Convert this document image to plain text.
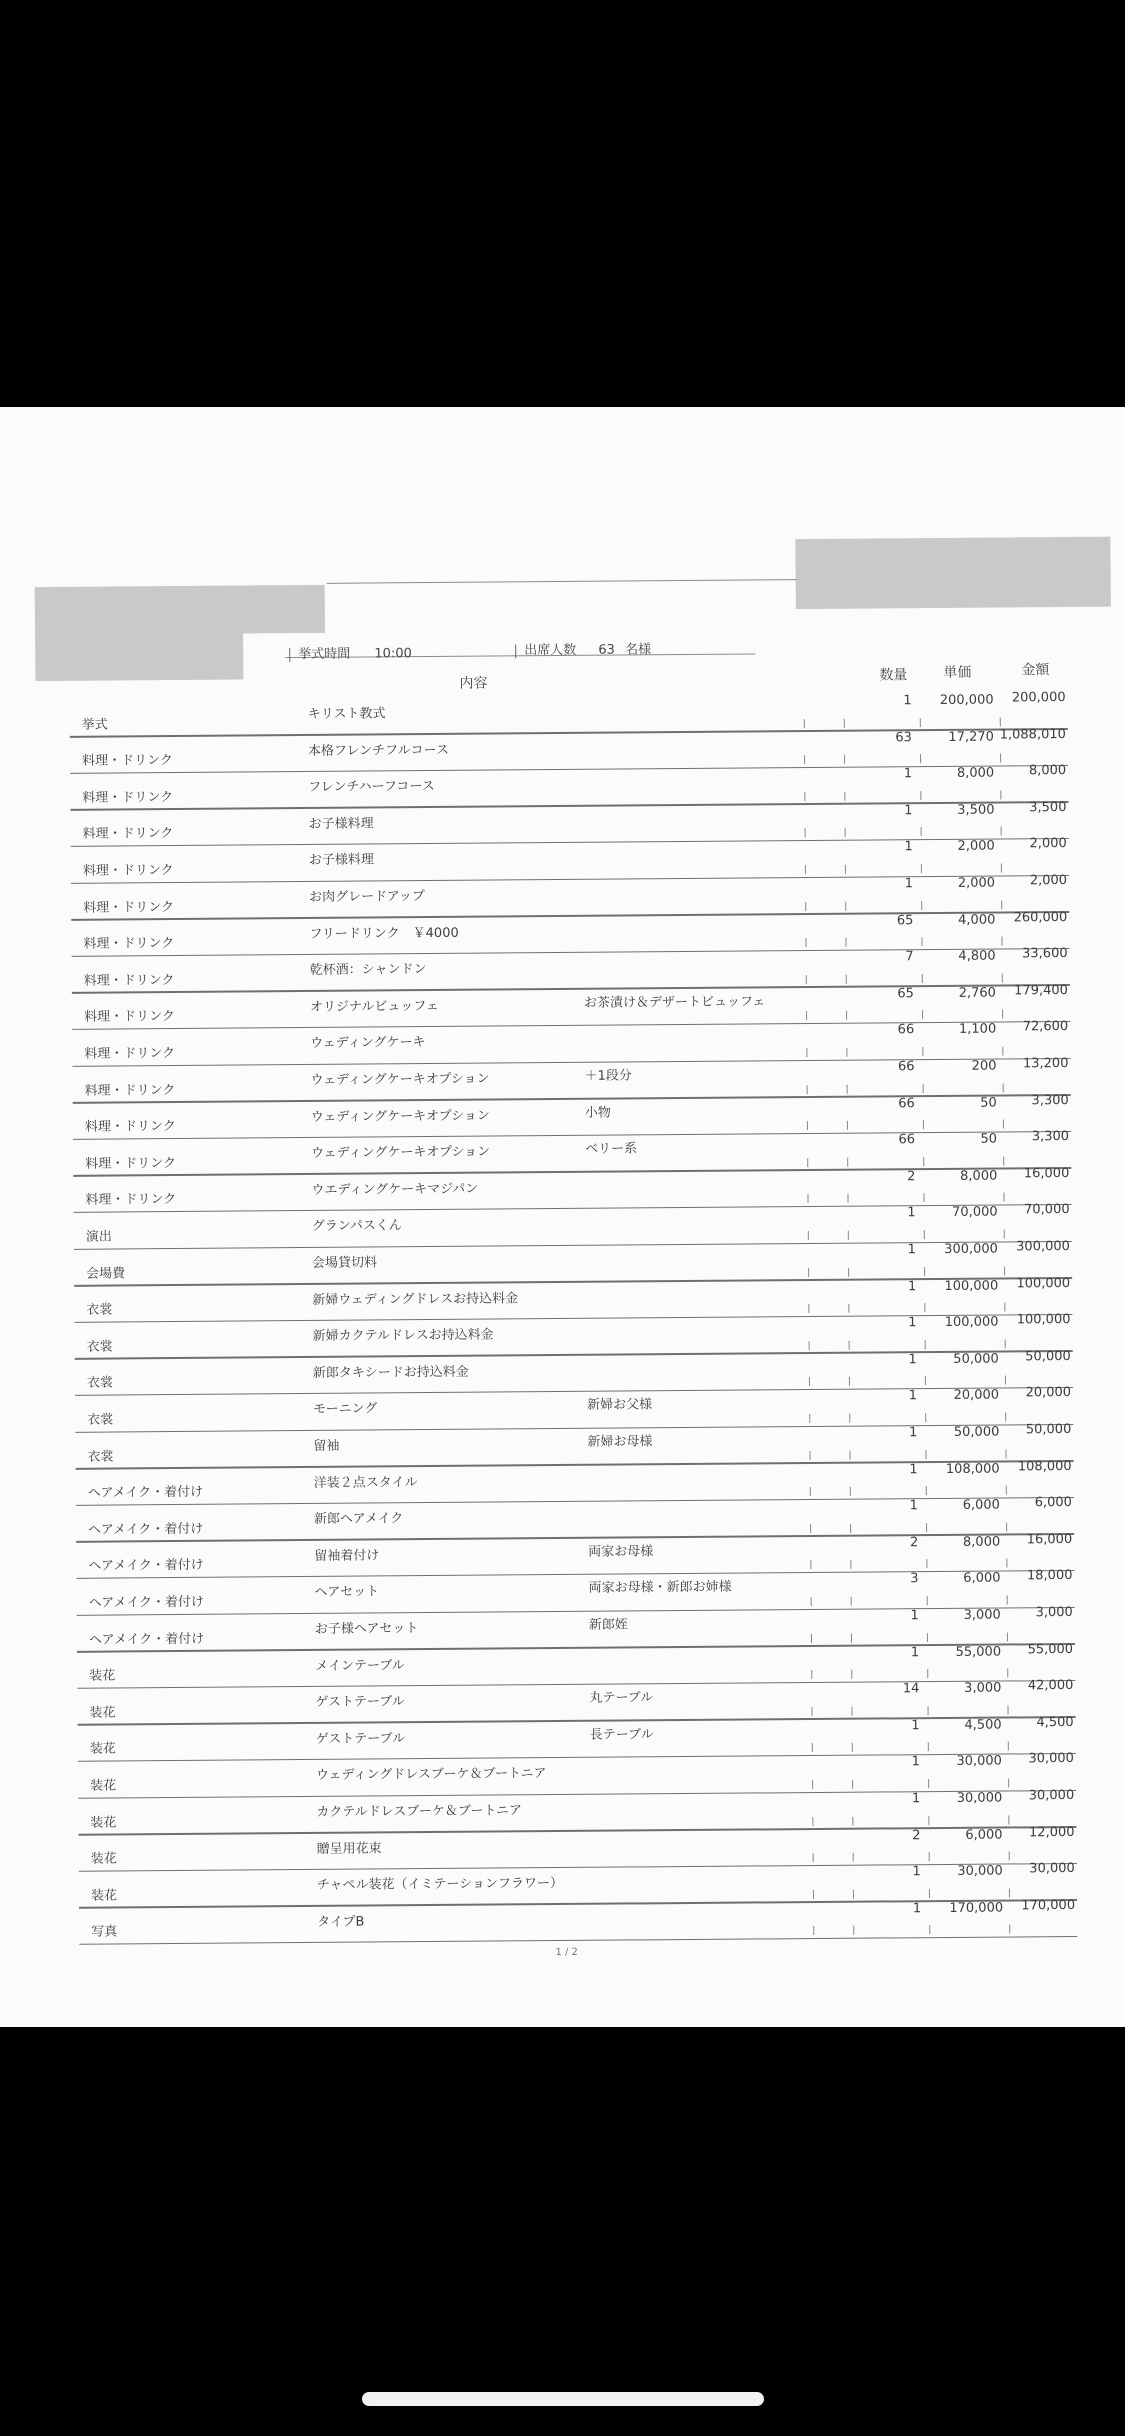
挙式時間 10:00	出席人数 63 名様
内容
数量	単価	金額
挙式
キリスト教式
1	200,000	200,000
料理・ドリンク
本格フレンチフルコース
63	17,270 1,088,010
料理・ドリンク
フレンチハーフコース
1	8,000	8,000
料理・ドリンク
お子様料理
1	3,500	3,500
料理・ドリンク
お子様料理
1	2,000	2,000
料理・ドリンク
お肉グレードアップ
1	2,000	2,000
料理・ドリンク
フリードリンク　￥4000
65	4,000	260,000
料理・ドリンク
乾杯酒：シャンドン
7	4,800	33,600
料理・ドリンク
オリジナルビュッフェ	お茶漬け＆デザートビュッフェ
65	2,760	179,400
料理・ドリンク
ウェディングケーキ
66	1,100	72,600
料理・ドリンク
ウェディングケーキオプション	＋1段分
66	200	13,200
料理・ドリンク
ウェディングケーキオプション	小物
66	50	3,300
料理・ドリンク
ウェディングケーキオプション	ベリー系
66	50	3,300
料理・ドリンク
ウエディングケーキマジパン
2	8,000	16,000
演出
グランパスくん
1	70,000	70,000
会場費
会場貸切料
1	300,000	300,000
衣裳
新婦ウェディングドレスお持込料金
1	100,000	100,000
衣裳
新婦カクテルドレスお持込料金
1	100,000	100,000
衣裳
新郎タキシードお持込料金
1	50,000	50,000
衣裳
モーニング	新婦お父様
1	20,000	20,000
衣裳
留袖	新婦お母様
1	50,000	50,000
ヘアメイク・着付け
洋装２点スタイル
1	108,000	108,000
ヘアメイク・着付け
新郎ヘアメイク
1	6,000	6,000
ヘアメイク・着付け
留袖着付け	両家お母様
2	8,000	16,000
ヘアメイク・着付け
ヘアセット	両家お母様・新郎お姉様
3	6,000	18,000
ヘアメイク・着付け
お子様ヘアセット	新郎姪
1	3,000	3,000
装花
メインテーブル
1	55,000	55,000
装花
ゲストテーブル	丸テーブル
14	3,000	42,000
装花
ゲストテーブル	長テーブル
1	4,500	4,500
装花
ウェディングドレスブーケ＆ブートニア
1	30,000	30,000
装花
カクテルドレスブーケ＆ブートニア
1	30,000	30,000
装花
贈呈用花束
2	6,000	12,000
装花
チャペル装花（イミテーションフラワー）
1	30,000	30,000
写真
タイプB
1	170,000	170,000
1 / 2
